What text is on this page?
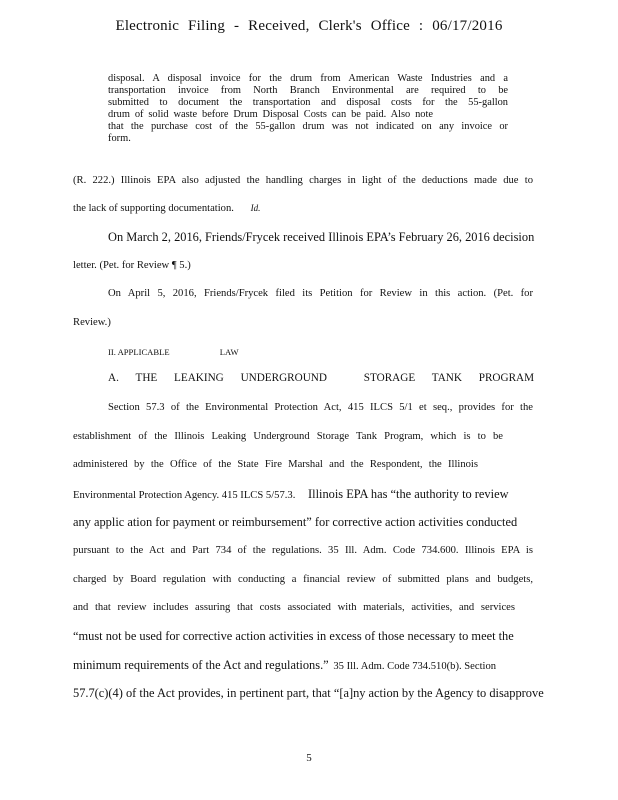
Electronic Filing - Received, Clerk's Office : 06/17/2016

disposal. A disposal invoice for the drum from American Waste Industries and a

transportation invoice from North Branch Environmental are required to be

submitted to document the transportation and disposal costs for the 55-gallon

drum of solid waste before Drum Disposal Costs can be paid. Also note

that the purchase cost of the 55-gallon drum was not indicated on any invoice or

form.

(R. 222.) Illinois EPA also adjusted the handling charges in light of the deductions made due to
the lack of supporting documentation. Id.
On March 2, 2016, Friends/Frycek received Illinois EPA’s February 26, 2016 decision
letter. (Pet. for Review ¶ 5.)
On April 5, 2016, Friends/Frycek filed its Petition for Review in this action. (Pet. for
Review.)
II. APPLICABLE	LAW
A. THE LEAKING UNDERGROUND	STORAGE TANK PROGRAM
Section 57.3 of the Environmental Protection Act, 415 ILCS 5/1 et seq., provides for the
establishment of the Illinois Leaking Underground Storage Tank Program, which is to be
administered by the Office of the State Fire Marshal and the Respondent, the Illinois
Environmental Protection Agency. 415 ILCS 5/57.3. Illinois EPA has “the authority to review
any applic ation for payment or reimbursement” for corrective action activities conducted
pursuant to the Act and Part 734 of the regulations. 35 Ill. Adm. Code 734.600. Illinois EPA is
charged by Board regulation with conducting a financial review of submitted plans and budgets,
and that review includes assuring that costs associated with materials, activities, and services
“must not be used for corrective action activities in excess of those necessary to meet the
minimum requirements of the Act and regulations.” 35 Ill. Adm. Code 734.510(b). Section
57.7(c)(4) of the Act provides, in pertinent part, that “[a]ny action by the Agency to disapprove
5
